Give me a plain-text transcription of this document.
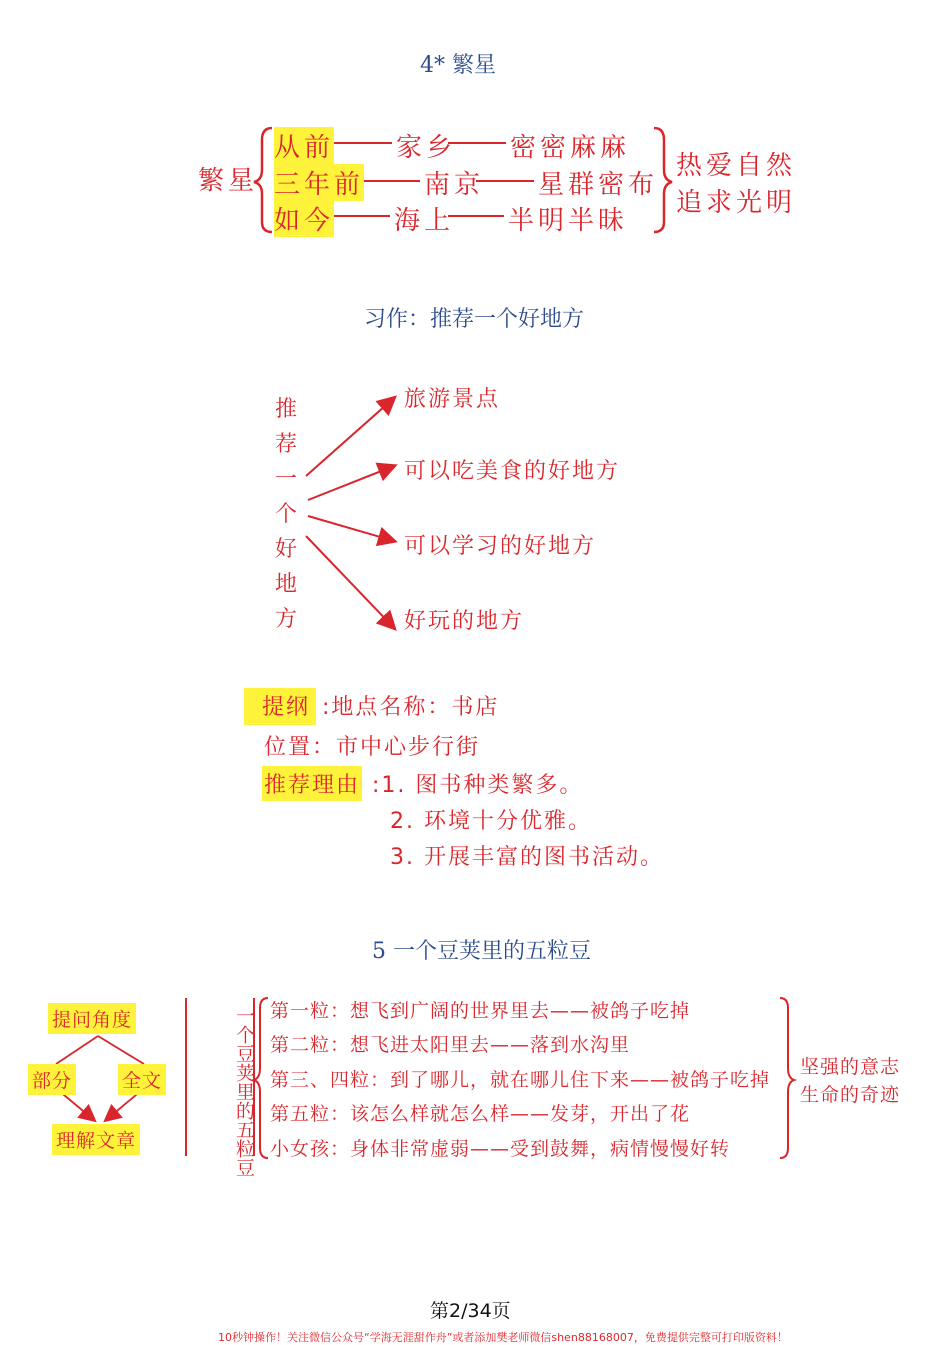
4* 繁星
繁星
从前 家乡 密密麻麻
三年前 南京 星群密布
如今 海上 半明半昧
热爱自然
追求光明
习作：推荐一个好地方
推荐一个好地方
旅游景点
可以吃美食的好地方
可以学习的好地方
好玩的地方
提纲 :地点名称：书店
位置：市中心步行街
推荐理由 :1. 图书种类繁多。
2. 环境十分优雅。
3. 开展丰富的图书活动。
5 一个豆荚里的五粒豆
提问角度
部分	全文
理解文章	一个豆荚里的五粒豆 第一粒：想飞到广阔的世界里去——被鸽子吃掉
第二粒：想飞进太阳里去——落到水沟里
第三、四粒：到了哪儿，就在哪儿住下来——被鸽子吃掉
第五粒：该怎么样就怎么样——发芽，开出了花
小女孩：身体非常虚弱——受到鼓舞，病情慢慢好转
坚强的意志
生命的奇迹
第2/34页
10秒钟操作！关注微信公众号“学海无涯甜作舟”或者添加樊老师微信shen88168007，免费提供完整可打印版资料！
